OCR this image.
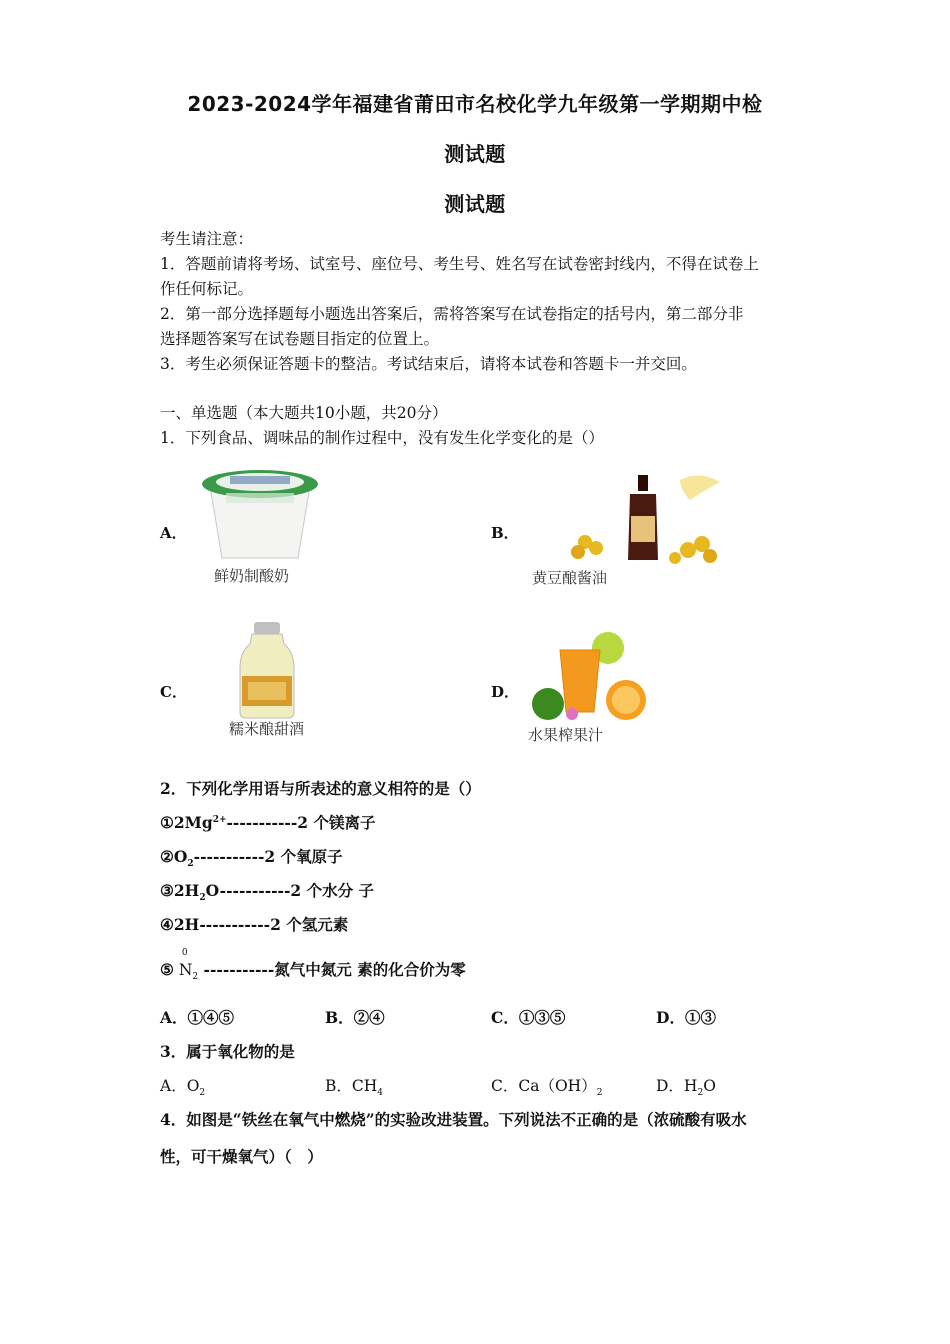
2023-2024学年福建省莆田市名校化学九年级第一学期期中检
测试题
测试题
考生请注意：
1．答题前请将考场、试室号、座位号、考生号、姓名写在试卷密封线内，不得在试卷上
作任何标记。
2．第一部分选择题每小题选出答案后，需将答案写在试卷指定的括号内，第二部分非
选择题答案写在试卷题目指定的位置上。
3．考生必须保证答题卡的整洁。考试结束后，请将本试卷和答题卡一并交回。
一、单选题（本大题共10小题，共20分）
1．下列食品、调味品的制作过程中，没有发生化学变化的是（）
A．
鲜奶制酸奶
B．
黄豆酿酱油
C．
糯米酿甜酒
D．
水果榨果汁
2．下列化学用语与所表述的意义相符的是（）
$①2Mg^{2+}-----------2$ 个镁离子
$②O_2-----------2$ 个氧原子
$③2H_2O-----------2$ 个水分 子
④2H-----------2 个氢元素
⑤
0
$N_2$ -----------氮气中氮元 素的化合价为零
A．①④⑤	B．②④	C．①③⑤	D．①③
3．属于氧化物的是
A．$O_2$	B．$CH_4$	C．$Ca(OH)_2$	D．$H_2O$
4．如图是“铁丝在氧气中燃烧”的实验改进装置。下列说法不正确的是（浓硫酸有吸水
性，可干燥氧气）（　）
